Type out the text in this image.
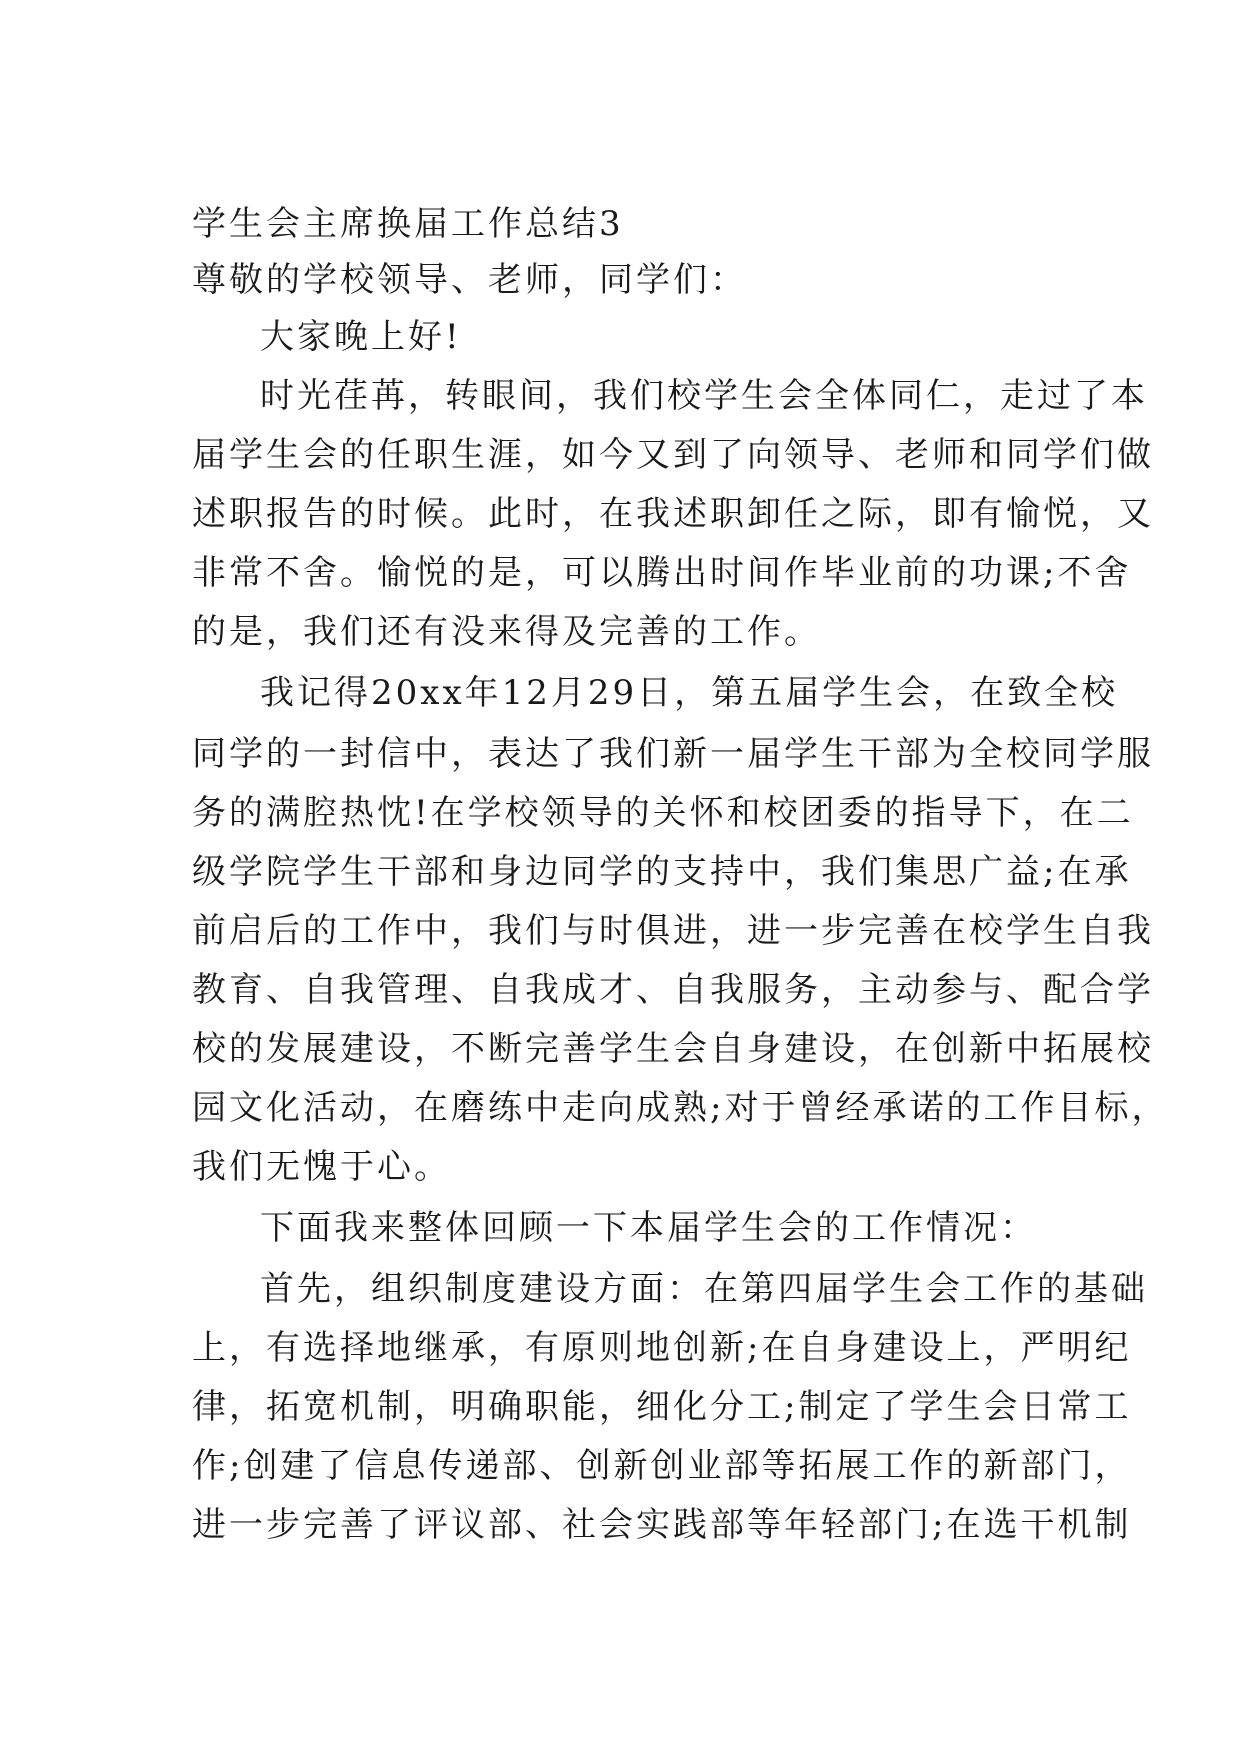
学生会主席换届工作总结3
尊敬的学校领导、老师，同学们：
大家晚上好!
时光荏苒，转眼间，我们校学生会全体同仁，走过了本
届学生会的任职生涯，如今又到了向领导、老师和同学们做
述职报告的时候。此时，在我述职卸任之际，即有愉悦，又
非常不舍。愉悦的是，可以腾出时间作毕业前的功课;不舍
的是，我们还有没来得及完善的工作。
我记得20xx年12月29日，第五届学生会，在致全校
同学的一封信中，表达了我们新一届学生干部为全校同学服
务的满腔热忱!在学校领导的关怀和校团委的指导下，在二
级学院学生干部和身边同学的支持中，我们集思广益;在承
前启后的工作中，我们与时俱进，进一步完善在校学生自我
教育、自我管理、自我成才、自我服务，主动参与、配合学
校的发展建设，不断完善学生会自身建设，在创新中拓展校
园文化活动，在磨练中走向成熟;对于曾经承诺的工作目标，
我们无愧于心。
下面我来整体回顾一下本届学生会的工作情况：
首先，组织制度建设方面：在第四届学生会工作的基础
上，有选择地继承，有原则地创新;在自身建设上，严明纪
律，拓宽机制，明确职能，细化分工;制定了学生会日常工
作;创建了信息传递部、创新创业部等拓展工作的新部门，
进一步完善了评议部、社会实践部等年轻部门;在选干机制
